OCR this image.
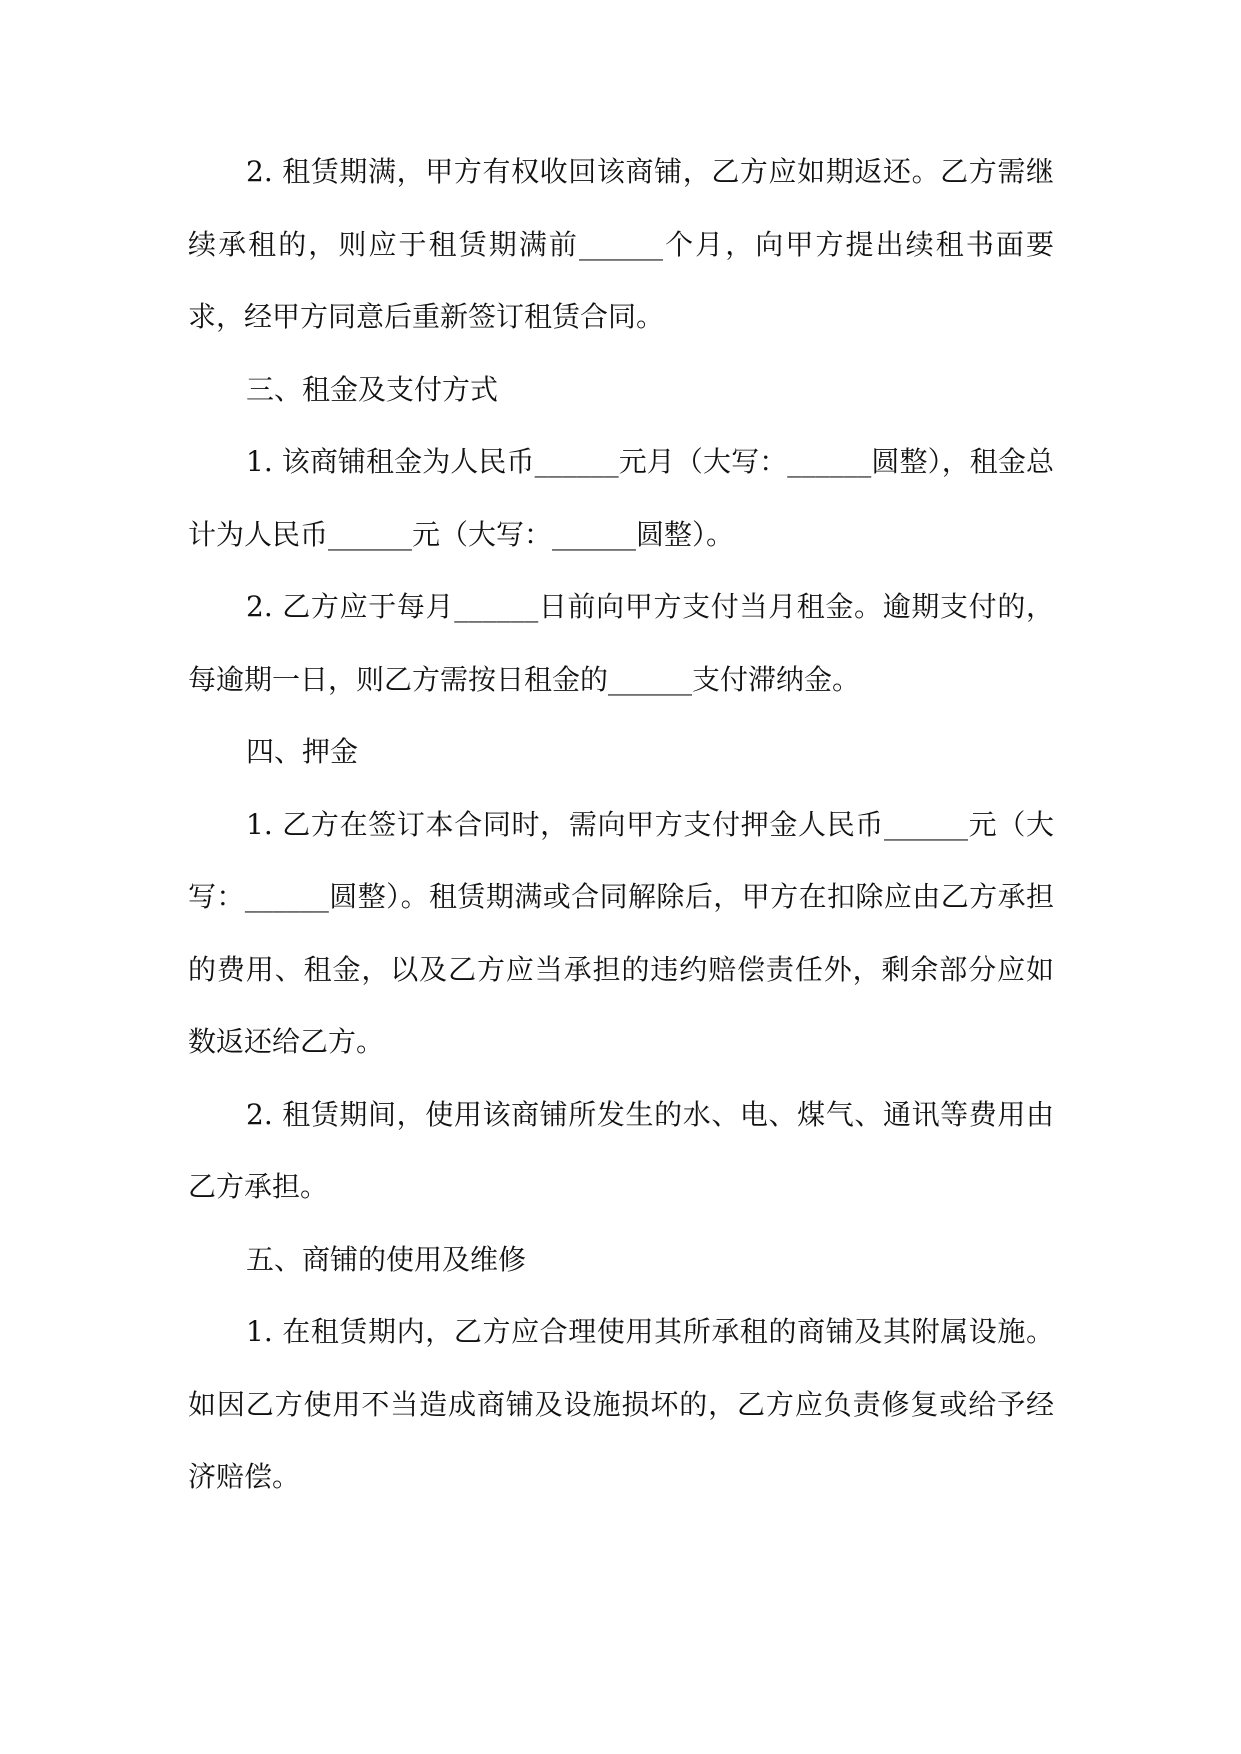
2. 租赁期满，甲方有权收回该商铺，乙方应如期返还。乙方需继续承租的，则应于租赁期满前______个月，向甲方提出续租书面要求，经甲方同意后重新签订租赁合同。

三、租金及支付方式

1. 该商铺租金为人民币______元月（大写：______圆整），租金总计为人民币______元（大写：______圆整）。

2. 乙方应于每月______日前向甲方支付当月租金。逾期支付的，每逾期一日，则乙方需按日租金的______支付滞纳金。

四、押金

1. 乙方在签订本合同时，需向甲方支付押金人民币______元（大写：______圆整）。租赁期满或合同解除后，甲方在扣除应由乙方承担的费用、租金，以及乙方应当承担的违约赔偿责任外，剩余部分应如数返还给乙方。

2. 租赁期间，使用该商铺所发生的水、电、煤气、通讯等费用由乙方承担。

五、商铺的使用及维修

1. 在租赁期内，乙方应合理使用其所承租的商铺及其附属设施。如因乙方使用不当造成商铺及设施损坏的，乙方应负责修复或给予经济赔偿。
